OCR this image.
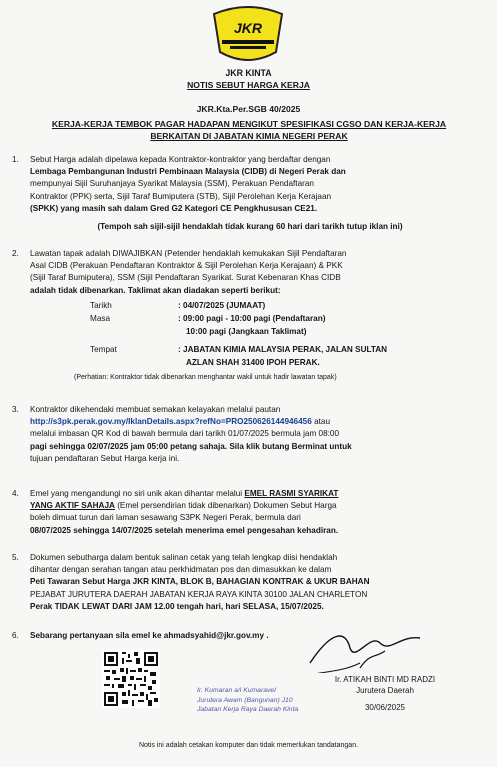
JKR
JKR KINTA
NOTIS SEBUT HARGA KERJA
JKR.Kta.Per.SGB 40/2025
KERJA-KERJA TEMBOK PAGAR HADAPAN MENGIKUT SPESIFIKASI CGSO DAN KERJA-KERJA
BERKAITAN DI JABATAN KIMIA NEGERI PERAK
1. Sebut Harga adalah dipelawa kepada Kontraktor-kontraktor yang berdaftar dengan
Lembaga Pembangunan Industri Pembinaan Malaysia (CIDB) di Negeri Perak dan
mempunyai Sijil Suruhanjaya Syarikat Malaysia (SSM), Perakuan Pendaftaran
Kontraktor (PPK) serta, Sijil Taraf Bumiputera (STB), Sijil Perolehan Kerja Kerajaan
(SPKK) yang masih sah dalam Gred G2 Kategori CE Pengkhususan CE21.
(Tempoh sah sijil-sijil hendaklah tidak kurang 60 hari dari tarikh tutup iklan ini)
2. Lawatan tapak adalah DIWAJIBKAN (Petender hendaklah kemukakan Sijil Pendaftaran
Asal CIDB (Perakuan Pendaftaran Kontraktor & Sijil Perolehan Kerja Kerajaan) & PKK
(Sijil Taraf Bumiputera), SSM (Sijil Pendaftaran Syarikat. Surat Kebenaran Khas CIDB
adalah tidak dibenarkan. Taklimat akan diadakan seperti berikut:
Tarikh	: 04/07/2025 (JUMAAT)
Masa	: 09:00 pagi - 10:00 pagi (Pendaftaran)
10:00 pagi (Jangkaan Taklimat)
Tempat	: JABATAN KIMIA MALAYSIA PERAK, JALAN SULTAN
AZLAN SHAH 31400 IPOH PERAK.
(Perhatian: Kontraktor tidak dibenarkan menghantar wakil untuk hadir lawatan tapak)
3. Kontraktor dikehendaki membuat semakan kelayakan melalui pautan
http://s3pk.perak.gov.my/IklanDetails.aspx?refNo=PRO250626144946456 atau
melalui imbasan QR Kod di bawah bermula dari tarikh 01/07/2025 bermula jam 08:00
pagi sehingga 02/07/2025 jam 05:00 petang sahaja. Sila klik butang Berminat untuk
tujuan pendaftaran Sebut Harga kerja ini.
4. Emel yang mengandungi no siri unik akan dihantar melalui EMEL RASMI SYARIKAT
YANG AKTIF SAHAJA (Emel persendirian tidak dibenarkan) Dokumen Sebut Harga
boleh dimuat turun dari laman sesawang S3PK Negeri Perak, bermula dari
08/07/2025 sehingga 14/07/2025 setelah menerima emel pengesahan kehadiran.
5. Dokumen sebutharga dalam bentuk salinan cetak yang telah lengkap diisi hendaklah
dihantar dengan serahan tangan atau perkhidmatan pos dan dimasukkan ke dalam
Peti Tawaran Sebut Harga JKR KINTA, BLOK B, BAHAGIAN KONTRAK & UKUR BAHAN
PEJABAT JURUTERA DAERAH JABATAN KERJA RAYA KINTA 30100 JALAN CHARLETON
Perak TIDAK LEWAT DARI JAM 12.00 tengah hari, hari SELASA, 15/07/2025.
6. Sebarang pertanyaan sila emel ke ahmadsyahid@jkr.gov.my .
Ir. ATIKAH BINTI MD RADZI
Jurutera Daerah
30/06/2025
Ir. Kumaran a/l Kumaravel
Jurutera Awam (Bangunan) J10
Jabatan Kerja Raya Daerah Kinta
Notis ini adalah cetakan komputer dan tidak memerlukan tandatangan.
